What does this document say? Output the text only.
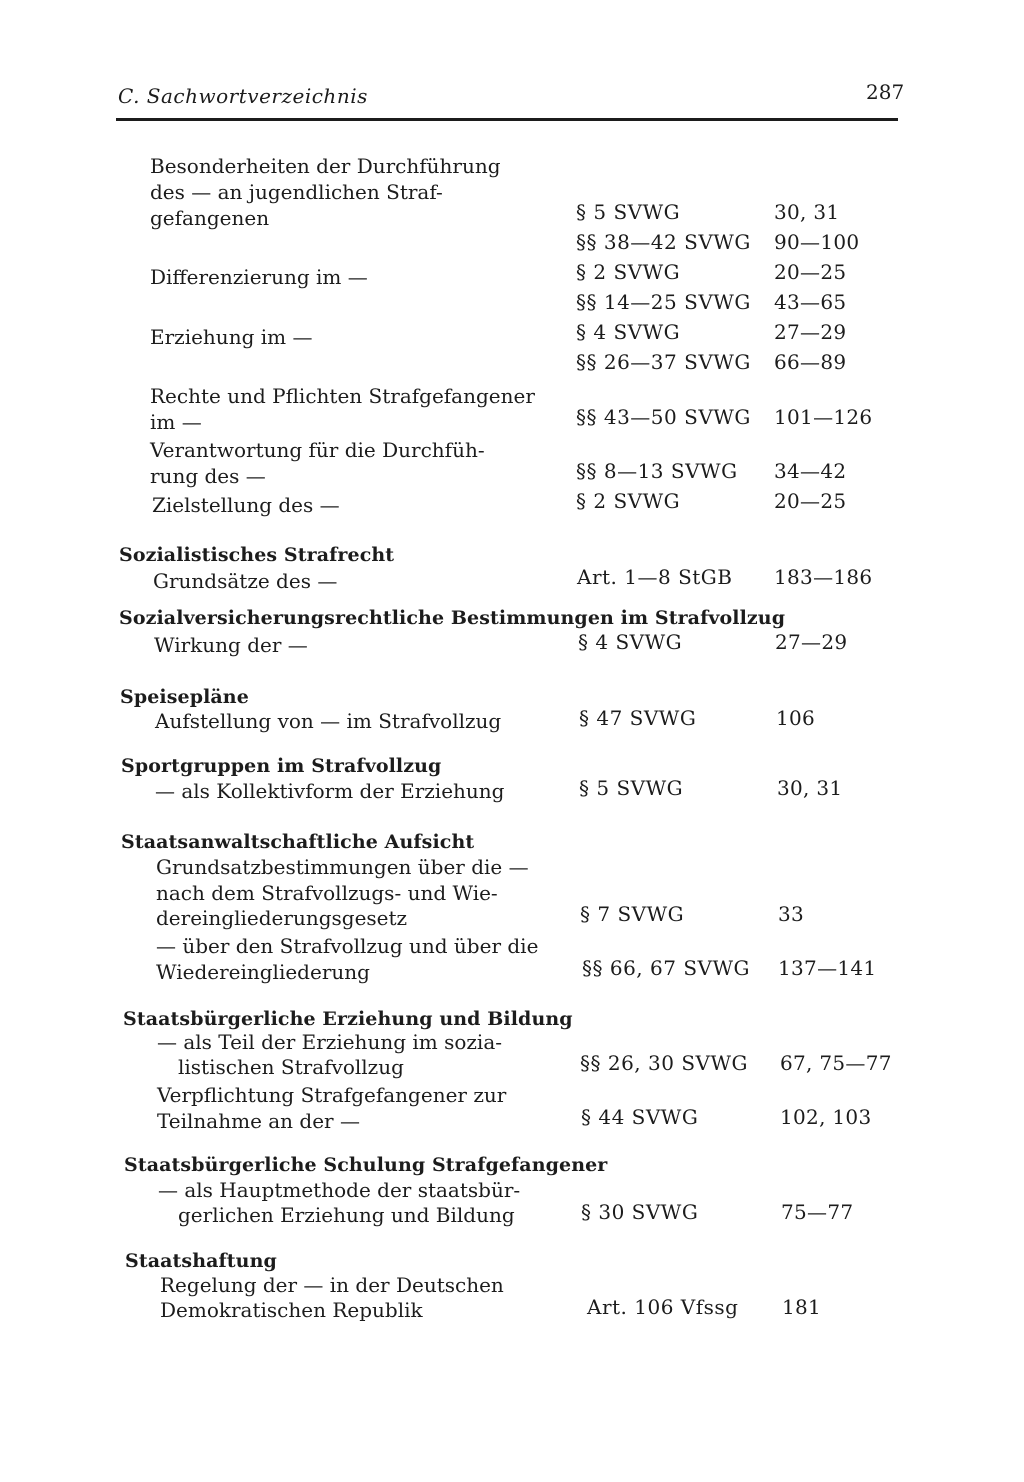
C. Sachwortverzeichnis	287
Besonderheiten der Durchführung
des — an jugendlichen Straf-
gefangenen	§ 5 SVWG	30, 31
§§ 38—42 SVWG 90—100
Differenzierung im —	§ 2 SVWG	20—25
§§ 14—25 SVWG 43—65
Erziehung im —	§ 4 SVWG	27—29
§§ 26—37 SVWG 66—89
Rechte und Pflichten Strafgefangener
im —	§§ 43—50 SVWG 101—126
Verantwortung für die Durchfüh-
rung des —	§§ 8—13 SVWG 34—42
Zielstellung des —	§ 2 SVWG	20—25
Sozialistisches Strafrecht
Grundsätze des —	Art. 1—8 StGB 183—186
Sozialversicherungsrechtliche Bestimmungen im Strafvollzug
Wirkung der —	§ 4 SVWG	27—29
Speisepläne
Aufstellung von — im Strafvollzug	§ 47 SVWG	106
Sportgruppen im Strafvollzug
— als Kollektivform der Erziehung	§ 5 SVWG	30, 31
Staatsanwaltschaftliche Aufsicht
Grundsatzbestimmungen über die —
nach dem Strafvollzugs- und Wie-
dereingliederungsgesetz	§ 7 SVWG	33
— über den Strafvollzug und über die
Wiedereingliederung	§§ 66, 67 SVWG 137—141
Staatsbürgerliche Erziehung und Bildung
— als Teil der Erziehung im sozia-
listischen Strafvollzug	§§ 26, 30 SVWG 67, 75—77
Verpflichtung Strafgefangener zur
Teilnahme an der —	§ 44 SVWG	102, 103
Staatsbürgerliche Schulung Strafgefangener
— als Hauptmethode der staatsbür-
gerlichen Erziehung und Bildung	§ 30 SVWG	75—77
Staatshaftung
Regelung der — in der Deutschen
Demokratischen Republik	Art. 106 Vfssg 181
